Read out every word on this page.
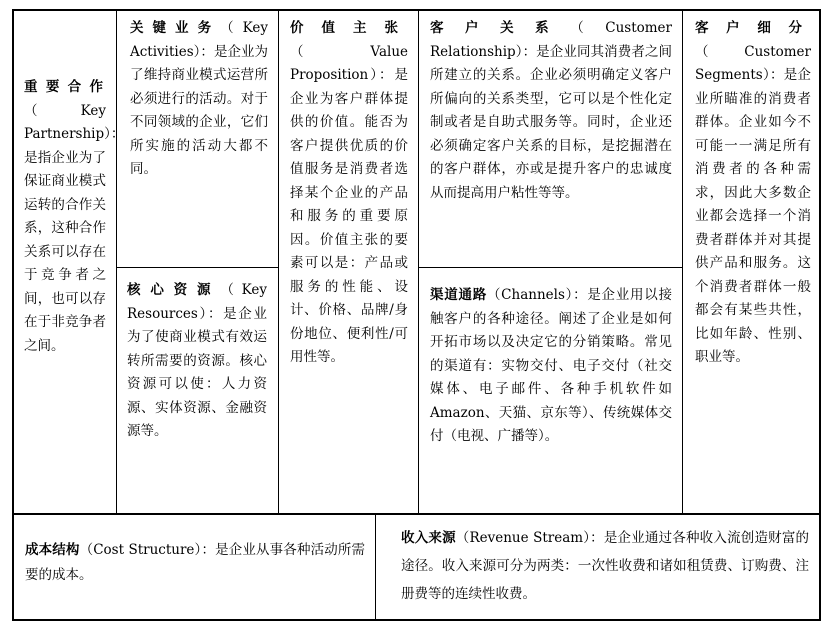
重要合作（Key Partnership）：是指企业为了保证商业模式运转的合作关系，这种合作关系可以存在于竞争者之间，也可以存在于非竞争者之间。

关键业务（Key Activities）：是企业为了维持商业模式运营所必须进行的活动。对于不同领域的企业，它们所实施的活动大都不同。

核心资源（Key Resources）：是企业为了使商业模式有效运转所需要的资源。核心资源可以使：人力资源、实体资源、金融资源等。

价值主张（Value Proposition）：是企业为客户群体提供的价值。能否为客户提供优质的价值服务是消费者选择某个企业的产品和服务的重要原因。价值主张的要素可以是：产品或服务的性能、设计、价格、品牌/身份地位、便利性/可用性等。

客户关系（Customer Relationship）：是企业同其消费者之间所建立的关系。企业必须明确定义客户所偏向的关系类型，它可以是个性化定制或者是自助式服务等。同时，企业还必须确定客户关系的目标，是挖掘潜在的客户群体，亦或是提升客户的忠诚度从而提高用户粘性等等。

渠道通路（Channels）：是企业用以接触客户的各种途径。阐述了企业是如何开拓市场以及决定它的分销策略。常见的渠道有：实物交付、电子交付（社交媒体、电子邮件、各种手机软件如Amazon、天猫、京东等）、传统媒体交付（电视、广播等）。

客户细分（Customer Segments）：是企业所瞄准的消费者群体。企业如今不可能一一满足所有消费者的各种需求，因此大多数企业都会选择一个消费者群体并对其提供产品和服务。这个消费者群体一般都会有某些共性，比如年龄、性别、职业等。

成本结构（Cost Structure）：是企业从事各种活动所需要的成本。

收入来源（Revenue Stream）：是企业通过各种收入流创造财富的途径。收入来源可分为两类：一次性收费和诸如租赁费、订购费、注册费等的连续性收费。
